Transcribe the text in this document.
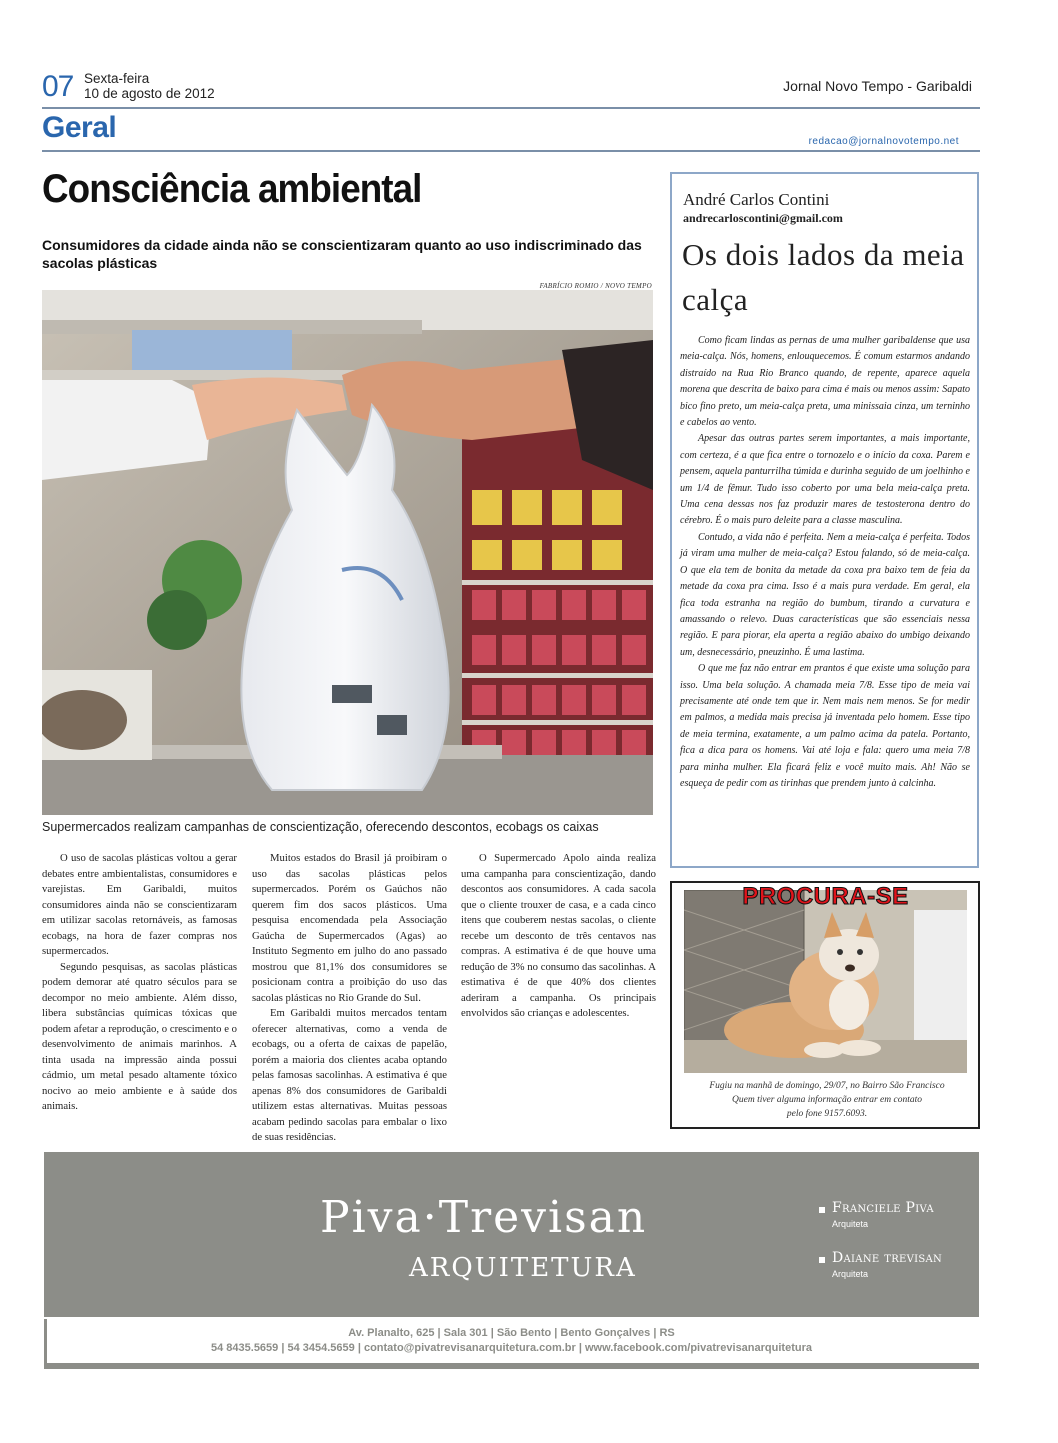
07 Sexta-feira
10 de agosto de 2012	Jornal Novo Tempo - Garibaldi
Geral	redacao@jornalnovotempo.net
Consciência ambiental
Consumidores da cidade ainda não se conscientizaram quanto ao uso indiscriminado das sacolas plásticas
FABRÍCIO ROMIO / NOVO TEMPO
Supermercados realizam campanhas de conscientização, oferecendo descontos, ecobags os caixas

O uso de sacolas plásticas voltou a gerar debates entre ambientalistas, consumidores e varejistas. Em Garibaldi, muitos consumidores ainda não se conscientizaram em utilizar sacolas retornáveis, as famosas ecobags, na hora de fazer compras nos supermercados.

Segundo pesquisas, as sacolas plásticas podem demorar até quatro séculos para se decompor no meio ambiente. Além disso, libera substâncias químicas tóxicas que podem afetar a reprodução, o crescimento e o desenvolvimento de animais marinhos. A tinta usada na impressão ainda possui cádmio, um metal pesado altamente tóxico nocivo ao meio ambiente e à saúde dos animais.

Muitos estados do Brasil já proibiram o uso das sacolas plásticas pelos supermercados. Porém os Gaúchos não querem fim dos sacos plásticos. Uma pesquisa encomendada pela Associação Gaúcha de Supermercados (Agas) ao Instituto Segmento em julho do ano passado mostrou que 81,1% dos consumidores se posicionam contra a proibição do uso das sacolas plásticas no Rio Grande do Sul.

Em Garibaldi muitos mercados tentam oferecer alternativas, como a venda de ecobags, ou a oferta de caixas de papelão, porém a maioria dos clientes acaba optando pelas famosas sacolinhas. A estimativa é que apenas 8% dos consumidores de Garibaldi utilizem estas alternativas. Muitas pessoas acabam pedindo sacolas para embalar o lixo de suas residências.

O Supermercado Apolo ainda realiza uma campanha para conscientização, dando descontos aos consumidores. A cada sacola que o cliente trouxer de casa, e a cada cinco itens que couberem nestas sacolas, o cliente recebe um desconto de três centavos nas compras. A estimativa é de que houve uma redução de 3% no consumo das sacolinhas. A estimativa é de que 40% dos clientes aderiram a campanha. Os principais envolvidos são crianças e adolescentes.

André Carlos Contini
andrecarloscontini@gmail.com
Os dois lados da meia calça

Como ficam lindas as pernas de uma mulher garibaldense que usa meia-calça. Nós, homens, enlouquecemos. É comum estarmos andando distraído na Rua Rio Branco quando, de repente, aparece aquela morena que descrita de baixo para cima é mais ou menos assim: Sapato bico fino preto, um meia-calça preta, uma minissaia cinza, um terninho e cabelos ao vento.

Apesar das outras partes serem importantes, a mais importante, com certeza, é a que fica entre o tornozelo e o início da coxa. Parem e pensem, aquela panturrilha túmida e durinha seguido de um joelhinho e um 1/4 de fêmur. Tudo isso coberto por uma bela meia-calça preta. Uma cena dessas nos faz produzir mares de testosterona dentro do cérebro. É o mais puro deleite para a classe masculina.

Contudo, a vida não é perfeita. Nem a meia-calça é perfeita. Todos já viram uma mulher de meia-calça? Estou falando, só de meia-calça. O que ela tem de bonita da metade da coxa pra baixo tem de feia da metade da coxa pra cima. Isso é a mais pura verdade. Em geral, ela fica toda estranha na região do bumbum, tirando a curvatura e amassando o relevo. Duas características que são essenciais nessa região. E para piorar, ela aperta a região abaixo do umbigo deixando um, desnecessário, pneuzinho. É uma lastima.

O que me faz não entrar em prantos é que existe uma solução para isso. Uma bela solução. A chamada meia 7/8. Esse tipo de meia vai precisamente até onde tem que ir. Nem mais nem menos. Se for medir em palmos, a medida mais precisa já inventada pelo homem. Esse tipo de meia termina, exatamente, a um palmo acima da patela. Portanto, fica a dica para os homens. Vai até loja e fala: quero uma meia 7/8 para minha mulher. Ela ficará feliz e você muito mais. Ah! Não se esqueça de pedir com as tirinhas que prendem junto à calcinha.

PROCURA-SE
Fugiu na manhã de domingo, 29/07, no Bairro São Francisco
Quem tiver alguma informação entrar em contato
pelo fone 9157.6093.
Piva·Trevisan
ARQUITETURA
Franciele Piva
Arquiteta
Daiane trevisan
Arquiteta
Av. Planalto, 625 | Sala 301 | São Bento | Bento Gonçalves | RS
54 8435.5659 | 54 3454.5659 | contato@pivatrevisanarquitetura.com.br | www.facebook.com/pivatrevisanarquitetura
